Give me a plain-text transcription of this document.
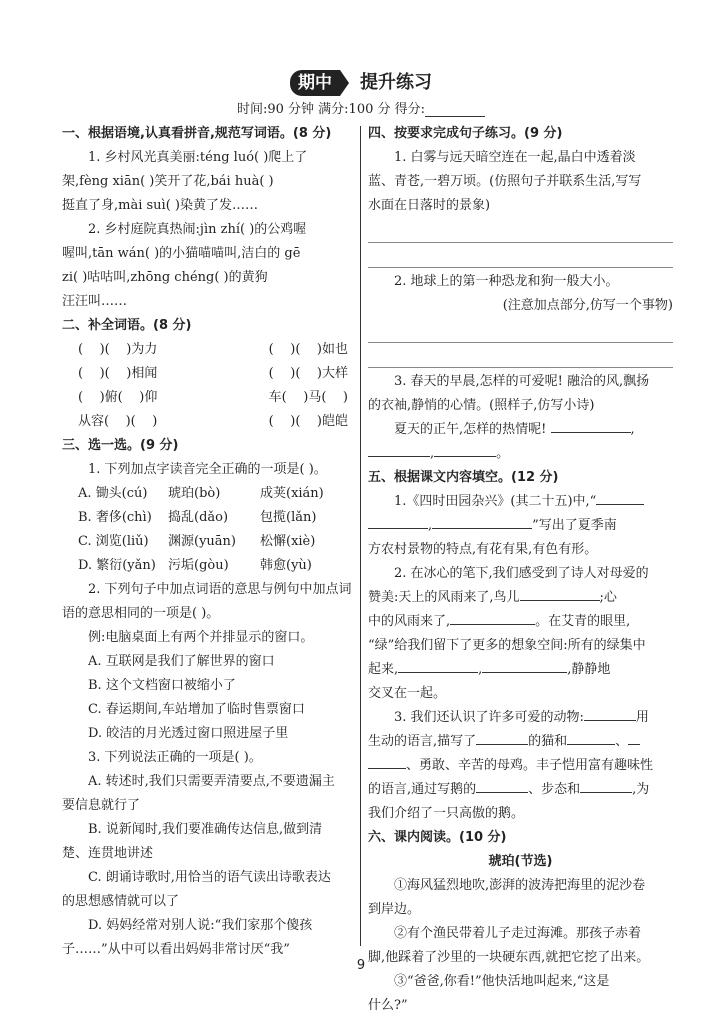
期中	提升练习
时间:90 分钟 满分:100 分 得分:
一、根据语境,认真看拼音,规范写词语。(8 分)
1. 乡村风光真美丽:téng luó( )爬上了
架,fèng xiān( )笑开了花,bái huà( )
挺直了身,mài suì( )染黄了发……
2. 乡村庭院真热闹:jìn zhí( )的公鸡喔
喔叫,tān wán( )的小猫喵喵叫,洁白的 gē
zi( )咕咕叫,zhōng chéng( )的黄狗
汪汪叫……
二、补全词语。(8 分)
(    )(    )为力	(    )(    )如也
(    )(    )相闻	(    )(    )大样
(    )俯(    )仰	车(    )马(    )
从容(    )(    )	(    )(    )皑皑
三、选一选。(9 分)
1. 下列加点字读音完全正确的一项是( )。
A. 锄头(cú)	琥珀(bò)	成荚(xián)
B. 奢侈(chì)	捣乱(dǎo)	包揽(lǎn)
C. 浏览(liǔ)	渊源(yuān)	松懈(xiè)
D. 繁衍(yǎn) 污垢(gòu)	韩愈(yù)
2. 下列句子中加点词语的意思与例句中加点词
语的意思相同的一项是( )。
例:电脑桌面上有两个并排显示的窗口。
A. 互联网是我们了解世界的窗口
B. 这个文档窗口被缩小了
C. 春运期间,车站增加了临时售票窗口
D. 皎洁的月光透过窗口照进屋子里
3. 下列说法正确的一项是( )。
A. 转述时,我们只需要弄清要点,不要遗漏主
要信息就行了
B. 说新闻时,我们要准确传达信息,做到清
楚、连贯地讲述
C. 朗诵诗歌时,用恰当的语气读出诗歌表达
的思想感情就可以了
D. 妈妈经常对别人说:“我们家那个傻孩
子……”从中可以看出妈妈非常讨厌“我”
四、按要求完成句子练习。(9 分)
1. 白雾与远天暗空连在一起,晶白中透着淡
蓝、青苍,一碧万顷。(仿照句子并联系生活,写写
水面在日落时的景象)
2. 地球上的第一种恐龙和狗一般大小。
(注意加点部分,仿写一个事物)
3. 春天的早晨,怎样的可爱呢! 融洽的风,飘扬
的衣袖,静悄的心情。(照样子,仿写小诗)
夏天的正午,怎样的热情呢!	,
,	。
五、根据课文内容填空。(12 分)
1.《四时田园杂兴》(其二十五)中,“
,	”写出了夏季南
方农村景物的特点,有花有果,有色有形。
2. 在冰心的笔下,我们感受到了诗人对母爱的
赞美:天上的风雨来了,鸟儿	;心
中的风雨来了,	。在艾青的眼里,
“绿”给我们留下了更多的想象空间:所有的绿集中
起来,	,	,静静地
交叉在一起。
3. 我们还认识了许多可爱的动物:	用
生动的语言,描写了	的猫和	、
、勇敢、辛苦的母鸡。丰子恺用富有趣味性
的语言,通过写鹅的	、步态和	,为
我们介绍了一只高傲的鹅。
六、课内阅读。(10 分)
琥珀(节选)
①海风猛烈地吹,澎湃的波涛把海里的泥沙卷
到岸边。
②有个渔民带着儿子走过海滩。那孩子赤着
脚,他踩着了沙里的一块硬东西,就把它挖了出来。
③“爸爸,你看!”他快活地叫起来,“这是
什么?”
9
